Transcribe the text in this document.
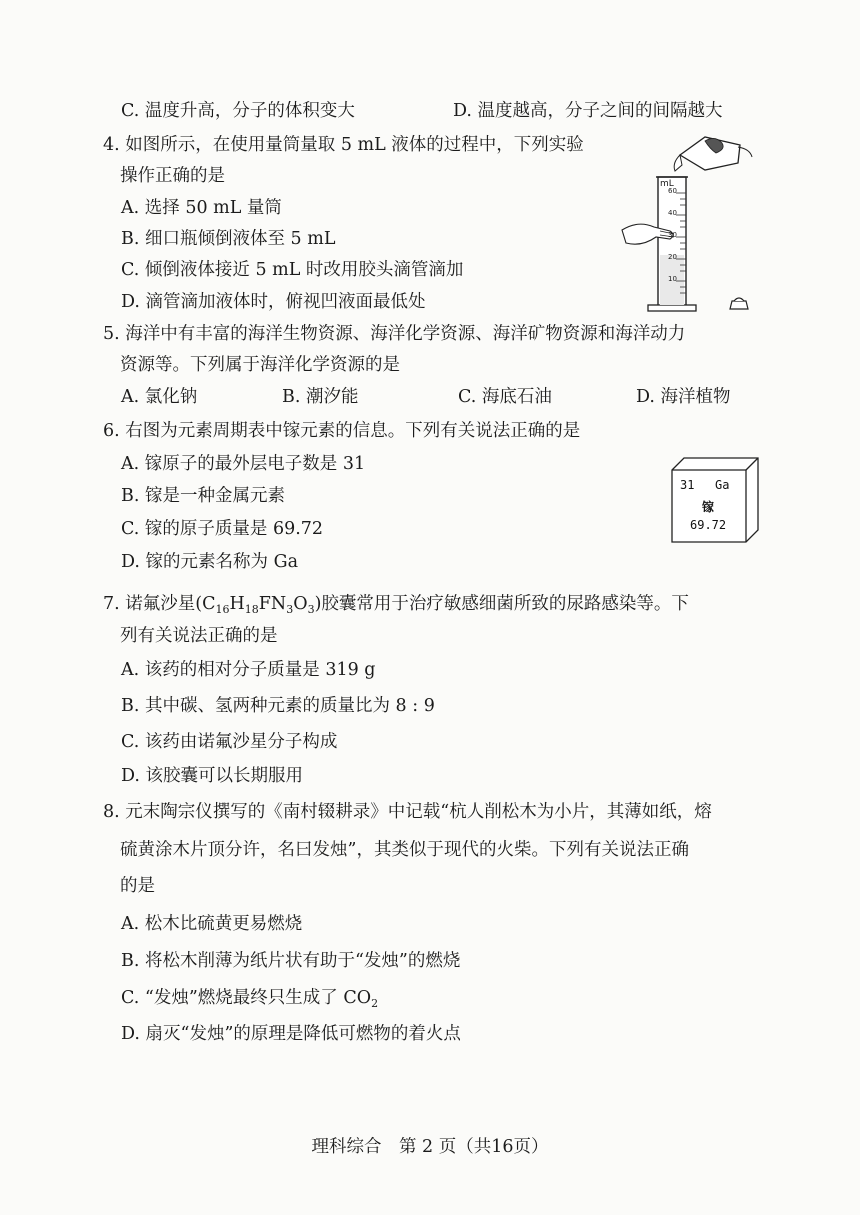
C. 温度升高，分子的体积变大	D. 温度越高，分子之间的间隔越大
4. 如图所示，在使用量筒量取 5 mL 液体的过程中，下列实验
操作正确的是
A. 选择 50 mL 量筒
B. 细口瓶倾倒液体至 5 mL
C. 倾倒液体接近 5 mL 时改用胶头滴管滴加
D. 滴管滴加液体时，俯视凹液面最低处
mL
60
40
30
20
10
5. 海洋中有丰富的海洋生物资源、海洋化学资源、海洋矿物资源和海洋动力
资源等。下列属于海洋化学资源的是
A. 氯化钠	B. 潮汐能	C. 海底石油	D. 海洋植物
6. 右图为元素周期表中镓元素的信息。下列有关说法正确的是
A. 镓原子的最外层电子数是 31
B. 镓是一种金属元素
C. 镓的原子质量是 69.72
D. 镓的元素名称为 Ga
31 Ga
镓
69.72
7. 诺氟沙星$(C_{16}H_{18}FN_3O_3)$胶囊常用于治疗敏感细菌所致的尿路感染等。下
列有关说法正确的是
A. 该药的相对分子质量是 319 g
B. 其中碳、氢两种元素的质量比为 8 : 9
C. 该药由诺氟沙星分子构成
D. 该胶囊可以长期服用
8. 元末陶宗仪撰写的《南村辍耕录》中记载“杭人削松木为小片，其薄如纸，熔
硫黄涂木片顶分许，名曰发烛”，其类似于现代的火柴。下列有关说法正确
的是
A. 松木比硫黄更易燃烧
B. 将松木削薄为纸片状有助于“发烛”的燃烧
C. “发烛”燃烧最终只生成了 $CO_2$
D. 扇灭“发烛”的原理是降低可燃物的着火点
理科综合　第 2 页（共16页）
